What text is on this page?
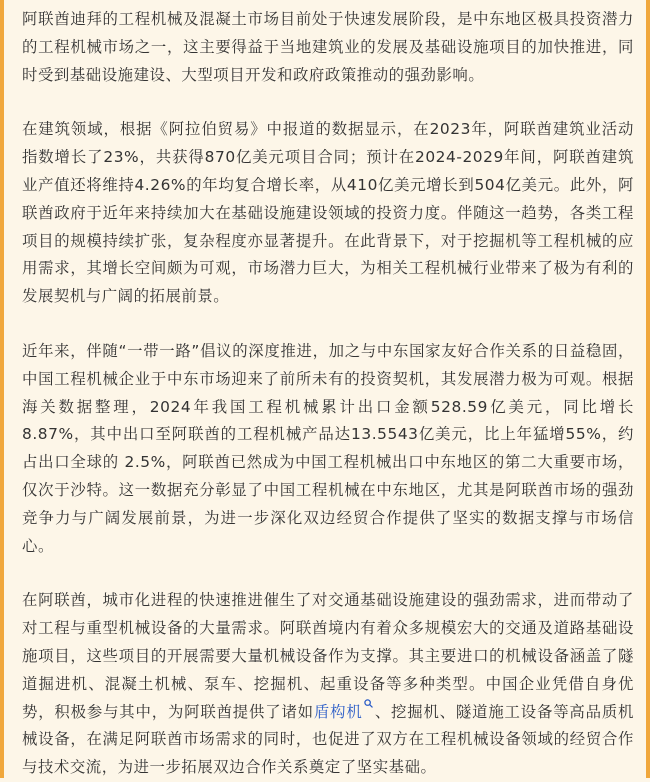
阿联酋迪拜的工程机械及混凝土市场目前处于快速发展阶段，是中东地区极具投资潜力的工程机械市场之一，这主要得益于当地建筑业的发展及基础设施项目的加快推进，同时受到基础设施建设、大型项目开发和政府政策推动的强劲影响。

在建筑领域，根据《阿拉伯贸易》中报道的数据显示，在2023年，阿联酋建筑业活动指数增长了23%，共获得870亿美元项目合同；预计在2024-2029年间，阿联酋建筑业产值还将维持4.26%的年均复合增长率，从410亿美元增长到504亿美元。此外，阿联酋政府于近年来持续加大在基础设施建设领域的投资力度。伴随这一趋势，各类工程项目的规模持续扩张，复杂程度亦显著提升。在此背景下，对于挖掘机等工程机械的应用需求，其增长空间颇为可观，市场潜力巨大，为相关工程机械行业带来了极为有利的发展契机与广阔的拓展前景。

近年来，伴随“一带一路”倡议的深度推进，加之与中东国家友好合作关系的日益稳固，中国工程机械企业于中东市场迎来了前所未有的投资契机，其发展潜力极为可观。根据海关数据整理，2024年我国工程机械累计出口金额528.59亿美元，同比增长8.87%，其中出口至阿联酋的工程机械产品达13.5543亿美元，比上年猛增55%，约占出口全球的 2.5%，阿联酋已然成为中国工程机械出口中东地区的第二大重要市场，仅次于沙特。这一数据充分彰显了中国工程机械在中东地区，尤其是阿联酋市场的强劲竞争力与广阔发展前景，为进一步深化双边经贸合作提供了坚实的数据支撑与市场信心。

在阿联酋，城市化进程的快速推进催生了对交通基础设施建设的强劲需求，进而带动了对工程与重型机械设备的大量需求。阿联酋境内有着众多规模宏大的交通及道路基础设施项目，这些项目的开展需要大量机械设备作为支撑。其主要进口的机械设备涵盖了隧道掘进机、混凝土机械、泵车、挖掘机、起重设备等多种类型。中国企业凭借自身优势，积极参与其中，为阿联酋提供了诸如盾构机 、挖掘机、隧道施工设备等高品质机械设备，在满足阿联酋市场需求的同时，也促进了双方在工程机械设备领域的经贸合作与技术交流，为进一步拓展双边合作关系奠定了坚实基础。
